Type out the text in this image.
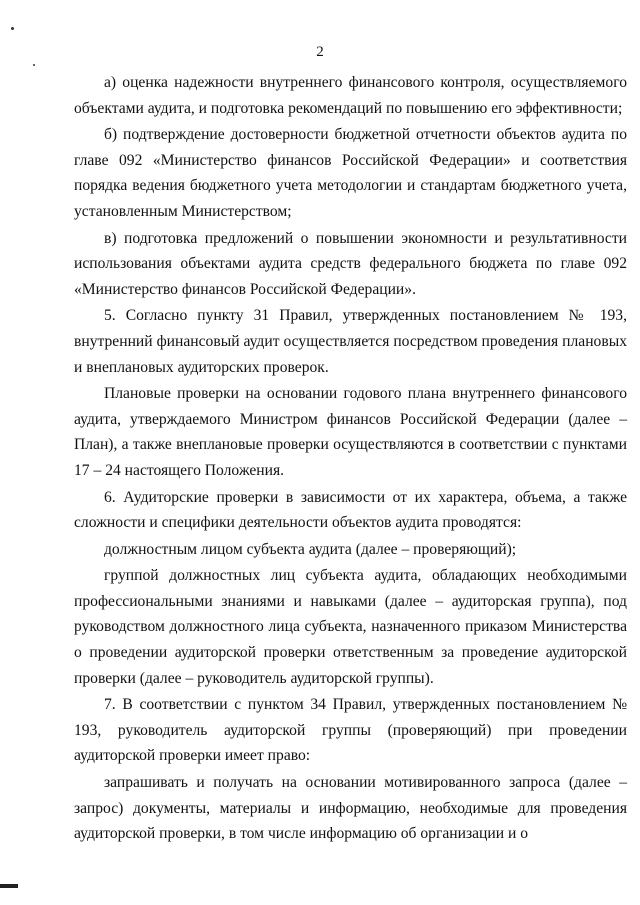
2

а) оценка надежности внутреннего финансового контроля, осуществляемого объектами аудита, и подготовка рекомендаций по повышению его эффективности;

б) подтверждение достоверности бюджетной отчетности объектов аудита по главе 092 «Министерство финансов Российской Федерации» и соответствия порядка ведения бюджетного учета методологии и стандартам бюджетного учета, установленным Министерством;

в) подготовка предложений о повышении экономности и результативности использования объектами аудита средств федерального бюджета по главе 092 «Министерство финансов Российской Федерации».

5. Согласно пункту 31 Правил, утвержденных постановлением № 193, внутренний финансовый аудит осуществляется посредством проведения плановых и внеплановых аудиторских проверок.

Плановые проверки на основании годового плана внутреннего финансового аудита, утверждаемого Министром финансов Российской Федерации (далее – План), а также внеплановые проверки осуществляются в соответствии с пунктами 17 – 24 настоящего Положения.

6. Аудиторские проверки в зависимости от их характера, объема, а также сложности и специфики деятельности объектов аудита проводятся:

должностным лицом субъекта аудита (далее – проверяющий);

группой должностных лиц субъекта аудита, обладающих необходимыми профессиональными знаниями и навыками (далее – аудиторская группа), под руководством должностного лица субъекта, назначенного приказом Министерства о проведении аудиторской проверки ответственным за проведение аудиторской проверки (далее – руководитель аудиторской группы).

7. В соответствии с пунктом 34 Правил, утвержденных постановлением № 193, руководитель аудиторской группы (проверяющий) при проведении аудиторской проверки имеет право:

запрашивать и получать на основании мотивированного запроса (далее – запрос) документы, материалы и информацию, необходимые для проведения аудиторской проверки, в том числе информацию об организации и о
